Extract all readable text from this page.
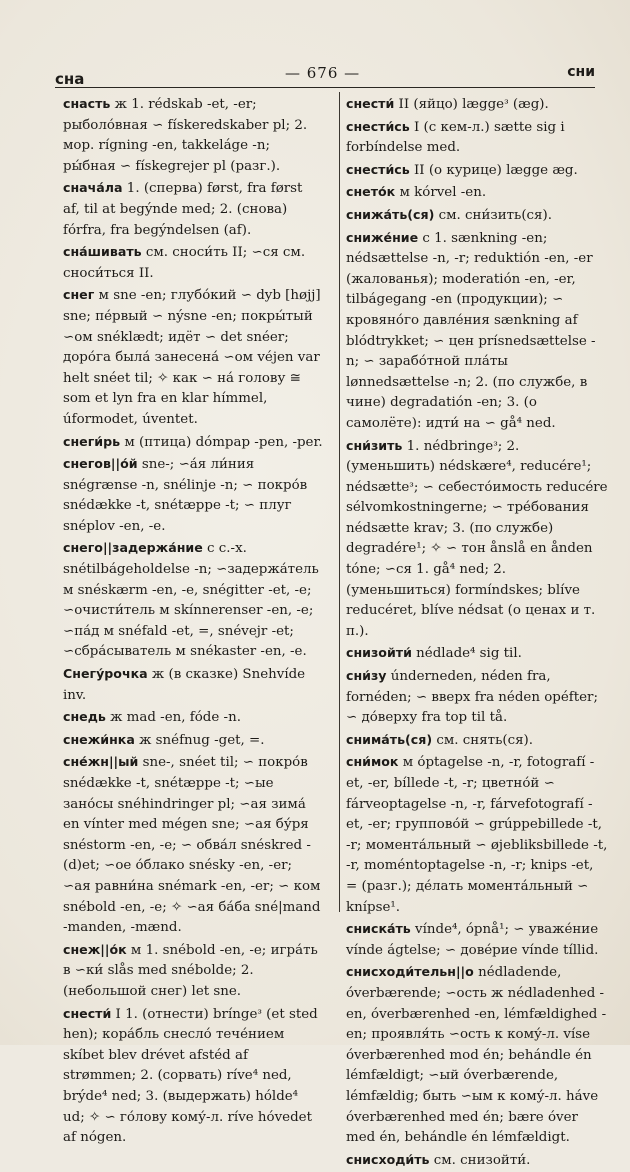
сна	— 676 —	сни
снасть ж 1. rédskab -et, -er; рыболо́вная ∽ fískeredskaber pl; 2. мор. rígning -en, takkeláge -n; ры́бная ∽ fískegrejer pl (разг.).
снача́ла 1. (сперва) først, fra først af, til at begýnde med; 2. (снова) fórfra, fra begýndelsen (af).
сна́шивать см. сноси́ть II; ∽ся см. сноси́ться II.
снег м sne -en; глубо́кий ∽ dyb [højj] sne; пе́рвый ∽ nýsne -en; покры́тый ∽ом snéklædt; идёт ∽ det snéer; доро́га была́ занесена́ ∽ом véjen var helt snéet til; ✧ как ∽ на́ голову ≅ som et lyn fra en klar hímmel, úformodet, úventet.
снеги́рь м (птица) dómpap -pen, -per.
снегов||о́й sne-; ∽а́я ли́ния snégrænse -n, snélinje -n; ∽ покро́в snédække -t, snétæppe -t; ∽ плуг snéplov -en, -e.
снего||задержа́ние с с.-х. snétilbágeholdelse -n; ∽задержа́тель м snéskærm -en, -e, snégitter -et, -e; ∽очисти́тель м skínnerenser -en, -e; ∽па́д м snéfald -et, =, snévejr -et; ∽сбра́сыватель м snékaster -en, -e.
Снегу́рочка ж (в сказке) Snehvíde inv.
снедь ж mad -en, fóde -n.
снежи́нка ж snéfnug -get, =.
сне́жн||ый sne-, snéet til; ∽ покро́в snédække -t, snétæppe -t; ∽ые зано́сы snéhindringer pl; ∽ая зима́ en vínter med mégen sne; ∽ая бу́ря snéstorm -en, -e; ∽ обва́л snéskred -(d)et; ∽ое о́блако snésky -en, -er; ∽ая равни́на snémark -en, -er; ∽ ком snébold -en, -e; ✧ ∽ая ба́ба sné|mand -manden, -mænd.
снеж||о́к м 1. snébold -en, -e; игра́ть в ∽ки́ slås med snébolde; 2. (небольшой снег) let sne.
снести́ I 1. (отнести) bríngeᵌ (et sted hen); кора́бль снесло́ тече́нием skíbet blev drévet afstéd af strømmen; 2. (сорвать) ríve⁴ ned, brýde⁴ ned; 3. (выдержать) hólde⁴ ud; ✧ ∽ го́лову кому́-л. ríve hóvedet af nógen.
снести́ II (яйцо) læggeᵌ (æg).
снести́сь I (с кем-л.) sætte sig i forbíndelse med.
снести́сь II (о курице) lægge æg.
снето́к м kórvel -en.
снижа́ть(ся) см. сни́зить(ся).
сниже́ние с 1. sænkning -en; nédsættelse -n, -r; reduktión -en, -er (жалованья); moderatión -en, -er, tilbágegang -en (продукции); ∽ кровяно́го давле́ния sænkning af blódtrykket; ∽ цен prísnedsættelse -n; ∽ зарабо́тной пла́ты lønnedsættelse -n; 2. (по службе, в чине) degradatión -en; 3. (о самолёте): идти́ на ∽ gå⁴ ned.
сни́зить 1. nédbringeᵌ; 2. (уменьшить) nédskære⁴, reducére¹; nédsætteᵌ; ∽ себесто́имость reducére sélvomkostningerne; ∽ тре́бования nédsætte krav; 3. (по службе) degradére¹; ✧ ∽ тон ånslå en ånden tóne; ∽ся 1. gå⁴ ned; 2. (уменьшиться) formíndskes; blíve reducéret, blíve nédsat (о ценах и т. п.).
снизойти́ nédlade⁴ sig til.
сни́зу únderneden, néden fra, fornéden; ∽ вверх fra néden opéfter; ∽ до́верху fra top til tå.
снима́ть(ся) см. снять(ся).
сни́мок м óptagelse -n, -r, fotografí -et, -er, bíllede -t, -r; цветно́й ∽ fárveoptagelse -n, -r, fárvefotografí -et, -er; группово́й ∽ grúppebillede -t, -r; момента́льный ∽ øjebliksbillede -t, -r, moméntoptagelse -n, -r; knips -et, = (разг.); де́лать момента́льный ∽ knípse¹.
сниска́ть vínde⁴, ópnå¹; ∽ уваже́ние vínde ágtelse; ∽ дове́рие vínde tíllid.
снисходи́тельн||о nédladende, óverbærende; ∽ость ж nédladenhed -en, óverbærenhed -en, lémfældighed -en; проявля́ть ∽ость к кому́-л. víse óverbærenhed mod én; behándle én lémfældigt; ∽ый óverbærende, lémfældig; быть ∽ым к кому́-л. háve óverbærenhed med én; bære óver med én, behándle én lémfældigt.
снисходи́ть см. снизойти́.
